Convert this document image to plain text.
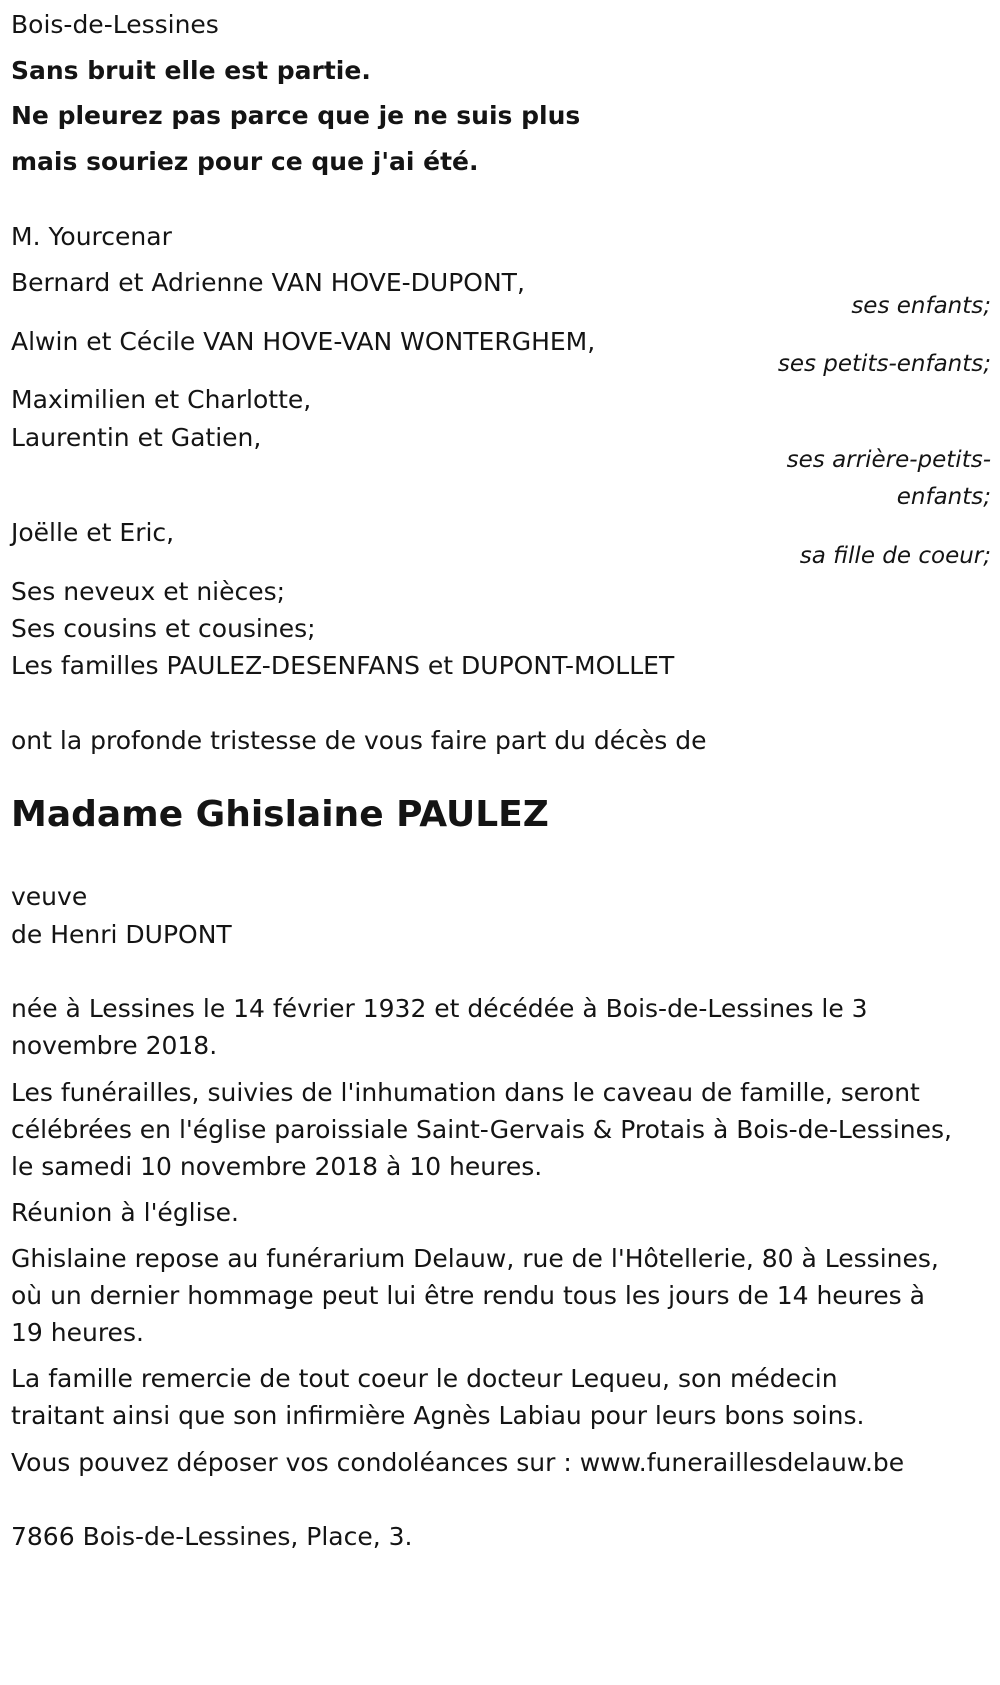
Bois-de-Lessines
Sans bruit elle est partie.
Ne pleurez pas parce que je ne suis plus
mais souriez pour ce que j'ai été.
M. Yourcenar
Bernard et Adrienne VAN HOVE-DUPONT,
ses enfants;
Alwin et Cécile VAN HOVE-VAN WONTERGHEM,
ses petits-enfants;
Maximilien et Charlotte,
Laurentin et Gatien,
ses arrière-petits-
enfants;
Joëlle et Eric,
sa fille de coeur;
Ses neveux et nièces;
Ses cousins et cousines;
Les familles PAULEZ-DESENFANS et DUPONT-MOLLET
ont la profonde tristesse de vous faire part du décès de
Madame Ghislaine PAULEZ
veuve
de Henri DUPONT
née à Lessines le 14 février 1932 et décédée à Bois-de-Lessines le 3
novembre 2018.
Les funérailles, suivies de l'inhumation dans le caveau de famille, seront
célébrées en l'église paroissiale Saint-Gervais & Protais à Bois-de-Lessines,
le samedi 10 novembre 2018 à 10 heures.
Réunion à l'église.
Ghislaine repose au funérarium Delauw, rue de l'Hôtellerie, 80 à Lessines,
où un dernier hommage peut lui être rendu tous les jours de 14 heures à
19 heures.
La famille remercie de tout coeur le docteur Lequeu, son médecin
traitant ainsi que son infirmière Agnès Labiau pour leurs bons soins.
Vous pouvez déposer vos condoléances sur : www.funeraillesdelauw.be
7866 Bois-de-Lessines, Place, 3.
